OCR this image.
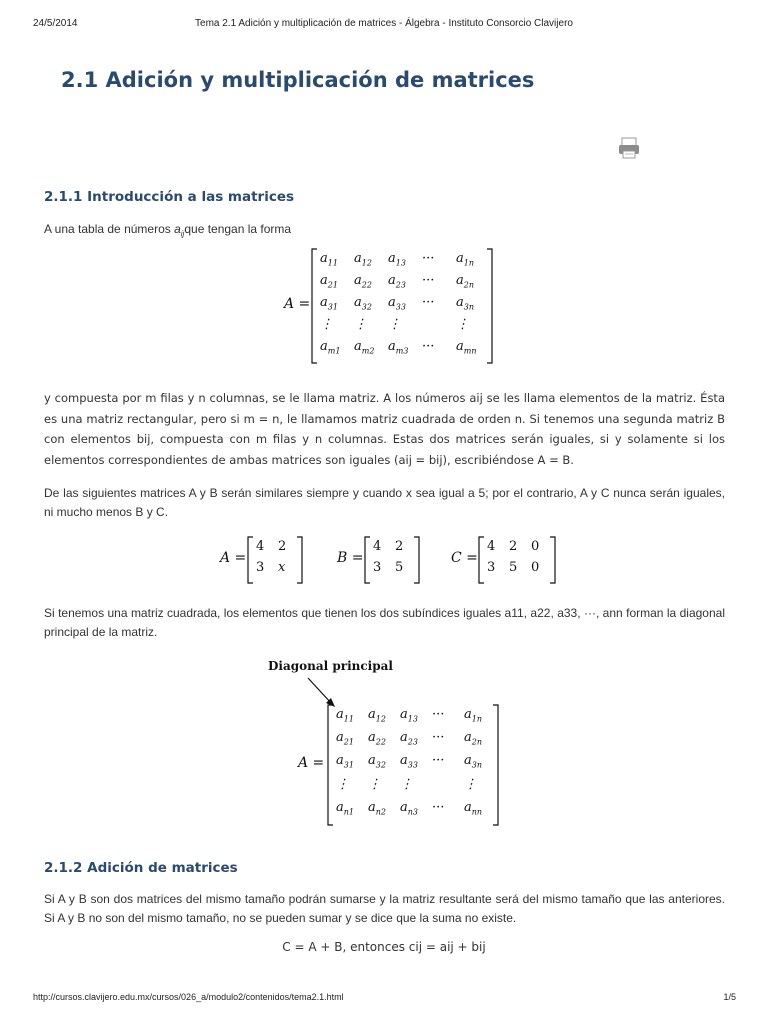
24/5/2014	Tema 2.1 Adición y multiplicación de matrices - Álgebra - Instituto Consorcio Clavijero
2.1 Adición y multiplicación de matrices
2.1.1 Introducción a las matrices

A una tabla de números $a_{ij}que$ tengan la forma

A =
$a_{11}$ $a_{12}$ $a_{13}$ ··· $a_{1n}$
$a_{21}$ $a_{22}$ $a_{23}$ ··· $a_{2n}$
$a_{31}$ $a_{32}$ $a_{33}$ ··· $a_{3n}$
⋮ ⋮ ⋮	⋮
$a_{m1}$ $a_{m2}$ $a_{m3}$ ··· $a_{mn}$

y compuesta por m filas y n columnas, se le llama matriz. A los números aij se les llama elementos de la matriz. Ésta es una matriz rectangular, pero si m = n, le llamamos matriz cuadrada de orden n. Si tenemos una segunda matriz B con elementos bij, compuesta con m filas y n columnas. Estas dos matrices serán iguales, si y solamente si los elementos correspondientes de ambas matrices son iguales (aij = bij), escribiéndose A = B.

De las siguientes matrices A y B serán similares siempre y cuando x sea igual a 5; por el contrario, A y C nunca serán iguales, ni mucho menos B y C.

A =
4 2
3 x
B =
4 2
3 5
C =
4 2 0
3 5 0

Si tenemos una matriz cuadrada, los elementos que tienen los dos subíndices iguales a11, a22, a33, ···, ann forman la diagonal principal de la matriz.

Diagonal principal
A =
$a_{11}$ $a_{12}$ $a_{13}$ ··· $a_{1n}$
$a_{21}$ $a_{22}$ $a_{23}$ ··· $a_{2n}$
$a_{31}$ $a_{32}$ $a_{33}$ ··· $a_{3n}$
⋮ ⋮ ⋮	⋮
$a_{n1}$ $a_{n2}$ $a_{n3}$ ··· $a_{nn}$
2.1.2 Adición de matrices

Si A y B son dos matrices del mismo tamaño podrán sumarse y la matriz resultante será del mismo tamaño que las anteriores. Si A y B no son del mismo tamaño, no se pueden sumar y se dice que la suma no existe.

C = A + B, entonces cij = aij + bij
http://cursos.clavijero.edu.mx/cursos/026_a/modulo2/contenidos/tema2.1.html	1/5
